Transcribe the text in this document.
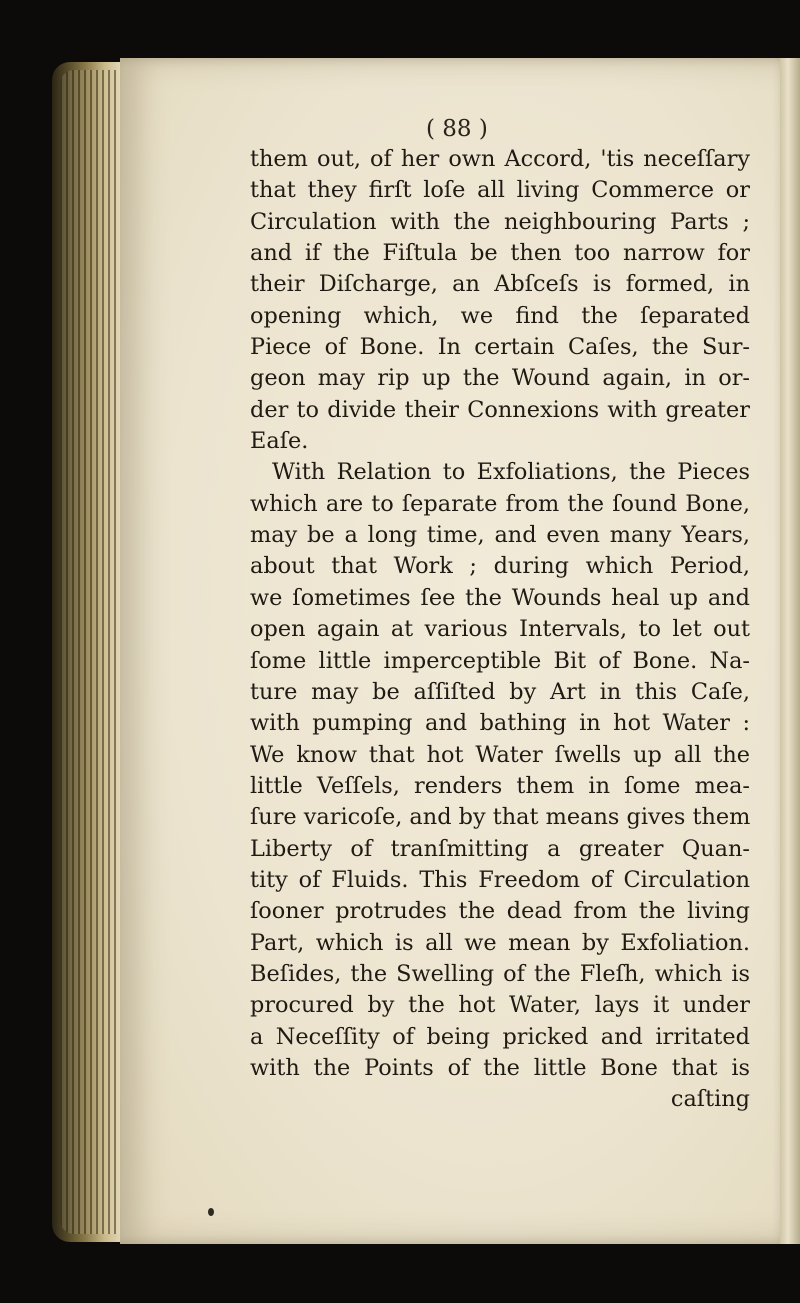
( 88 )
them out, of her own Accord, 'tis neceſſary
that they firſt loſe all living Commerce or
Circulation with the neighbouring Parts ;
and if the Fiſtula be then too narrow for
their Diſcharge, an Abſceſs is formed, in
opening which, we find the ſeparated
Piece of Bone. In certain Caſes, the Sur-
geon may rip up the Wound again, in or-
der to divide their Connexions with greater
Eaſe.
With Relation to Exfoliations, the Pieces
which are to ſeparate from the ſound Bone,
may be a long time, and even many Years,
about that Work ; during which Period,
we ſometimes ſee the Wounds heal up and
open again at various Intervals, to let out
ſome little imperceptible Bit of Bone. Na-
ture may be aſſiſted by Art in this Caſe,
with pumping and bathing in hot Water :
We know that hot Water ſwells up all the
little Veſſels, renders them in ſome mea-
ſure varicoſe, and by that means gives them
Liberty of tranſmitting a greater Quan-
tity of Fluids. This Freedom of Circulation
ſooner protrudes the dead from the living
Part, which is all we mean by Exfoliation.
Beſides, the Swelling of the Fleſh, which is
procured by the hot Water, lays it under
a Neceſſity of being pricked and irritated
with the Points of the little Bone that is
caſting
